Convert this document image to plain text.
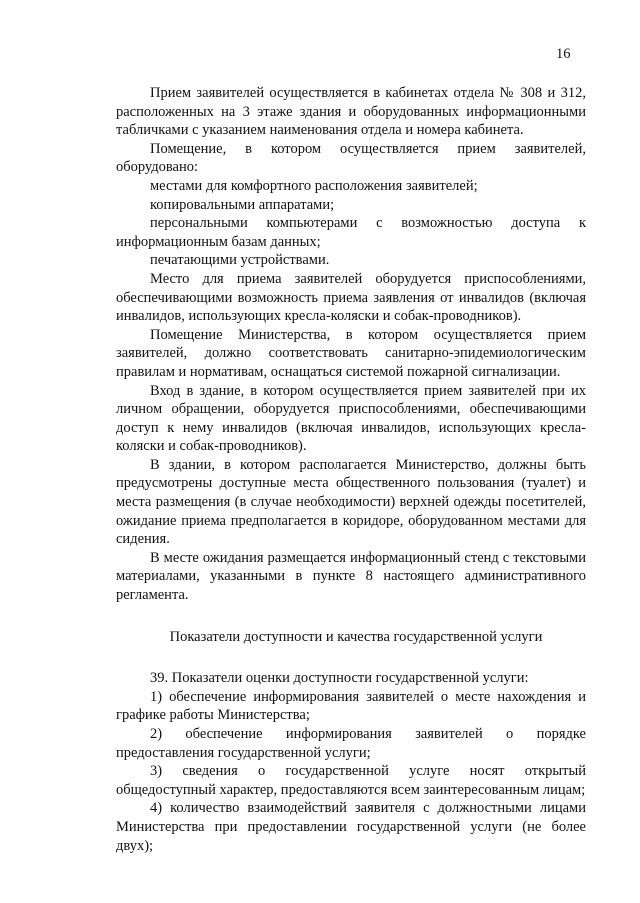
16

Прием заявителей осуществляется в кабинетах отдела № 308 и 312, расположенных на 3 этаже здания и оборудованных информационными табличками с указанием наименования отдела и номера кабинета.

Помещение, в котором осуществляется прием заявителей, оборудовано:

местами для комфортного расположения заявителей;

копировальными аппаратами;

персональными компьютерами с возможностью доступа к информационным базам данных;

печатающими устройствами.

Место для приема заявителей оборудуется приспособлениями, обеспечивающими возможность приема заявления от инвалидов (включая инвалидов, использующих кресла-коляски и собак-проводников).

Помещение Министерства, в котором осуществляется прием заявителей, должно соответствовать санитарно-эпидемиологическим правилам и нормативам, оснащаться системой пожарной сигнализации.

Вход в здание, в котором осуществляется прием заявителей при их личном обращении, оборудуется приспособлениями, обеспечивающими доступ к нему инвалидов (включая инвалидов, использующих кресла-коляски и собак-проводников).

В здании, в котором располагается Министерство, должны быть предусмотрены доступные места общественного пользования (туалет) и места размещения (в случае необходимости) верхней одежды посетителей, ожидание приема предполагается в коридоре, оборудованном местами для сидения.

В месте ожидания размещается информационный стенд с текстовыми материалами, указанными в пункте 8 настоящего административного регламента.

Показатели доступности и качества государственной услуги

39. Показатели оценки доступности государственной услуги:

1) обеспечение информирования заявителей о месте нахождения и графике работы Министерства;

2) обеспечение информирования заявителей о порядке предоставления государственной услуги;

3) сведения о государственной услуге носят открытый общедоступный характер, предоставляются всем заинтересованным лицам;

4) количество взаимодействий заявителя с должностными лицами Министерства при предоставлении государственной услуги (не более двух);
